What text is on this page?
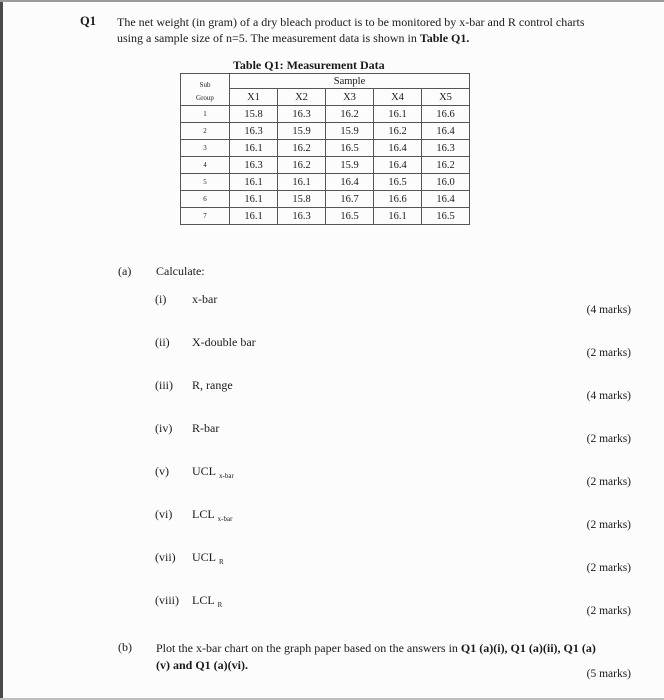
Q1 The net weight (in gram) of a dry bleach product is to be monitored by x-bar and R control charts using a sample size of n=5. The measurement data is shown in Table Q1.
Table Q1: Measurement Data
Sub
Group	Sample				
	X1	X2	X3	X4	X5
1	15.8	16.3	16.2	16.1	16.6
2	16.3	15.9	15.9	16.2	16.4
3	16.1	16.2	16.5	16.4	16.3
4	16.3	16.2	15.9	16.4	16.2
5	16.1	16.1	16.4	16.5	16.0
6	16.1	15.8	16.7	16.6	16.4
7	16.1	16.3	16.5	16.1	16.5
(a) Calculate:
(i) x-bar
(4 marks)
(ii) X-double bar
(2 marks)
(iii) R, range
(4 marks)
(iv) R-bar
(2 marks)
(v) UCL $_{x-bar}$	(2 marks)
(vi) LCL $_{x-bar}$	(2 marks)
(vii) UCL $_R$	(2 marks)
(viii) LCL $_R$	(2 marks)
(b) Plot the x-bar chart on the graph paper based on the answers in Q1 (a)(i), Q1 (a)(ii), Q1 (a)(v) and Q1 (a)(vi).
(5 marks)
